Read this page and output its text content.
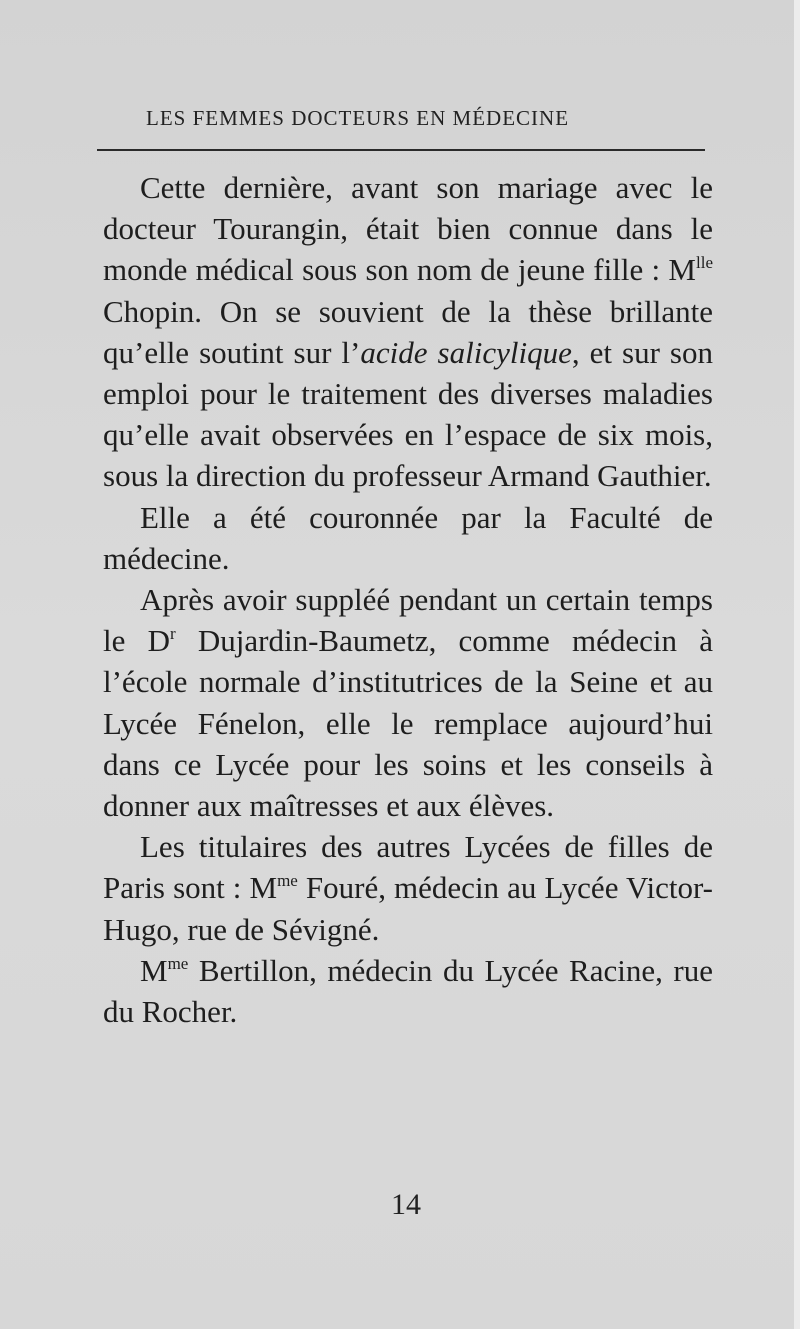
LES FEMMES DOCTEURS EN MÉDECINE

Cette dernière, avant son mariage avec le docteur Tourangin, était bien connue dans le monde médical sous son nom de jeune fille : $M^{lle}$ Chopin. On se souvient de la thèse brillante qu’elle soutint sur l’acide salicylique, et sur son emploi pour le traitement des diverses maladies qu’elle avait observées en l’espace de six mois, sous la direction du professeur Armand Gauthier.

Elle a été couronnée par la Faculté de médecine.

Après avoir suppléé pendant un certain temps le $D^r$ Dujardin-Baumetz, comme médecin à l’école normale d’institutrices de la Seine et au Lycée Fénelon, elle le remplace aujourd’hui dans ce Lycée pour les soins et les conseils à donner aux maîtresses et aux élèves.

Les titulaires des autres Lycées de filles de Paris sont : $M^{me}$ Fouré, médecin au Lycée Victor-Hugo, rue de Sévigné.

$M^{me}$ Bertillon, médecin du Lycée Racine, rue du Rocher.

14
